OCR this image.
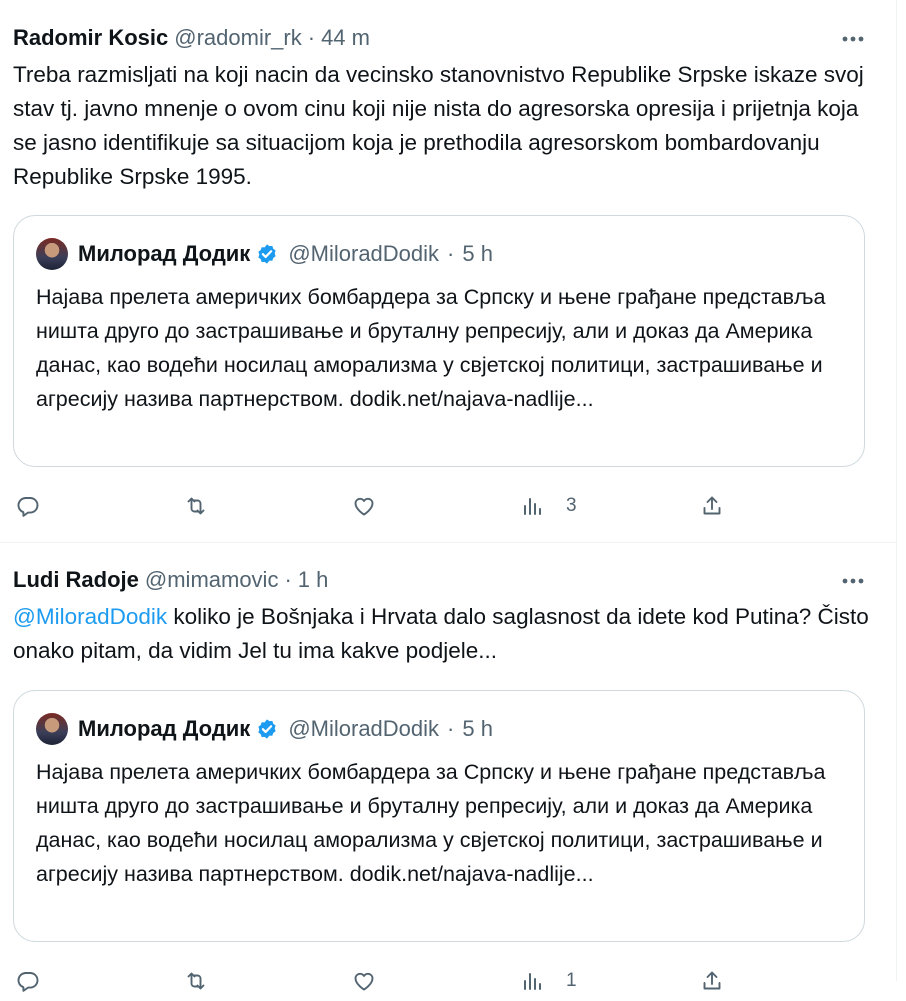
Radomir Kosic @radomir_rk · 44 m
Treba razmisljati na koji nacin da vecinsko stanovnistvo Republike Srpske iskaze svoj stav tj. javno mnenje o ovom cinu koji nije nista do agresorska opresija i prijetnja koja se jasno identifikuje sa situacijom koja je prethodila agresorskom bombardovanju Republike Srpske 1995.
Милорад Додик @MiloradDodik · 5 h
Најава прелета америчких бомбардера за Српску и њене грађане представља ништа друго до застрашивање и бруталну репресију, али и доказ да Америка данас, као водећи носилац аморализма у свјетској политици, застрашивање и агресију назива партнерством. dodik.net/najava-nadlije...
3
Ludi Radoje @mimamovic · 1 h
@MiloradDodik koliko je Bošnjaka i Hrvata dalo saglasnost da idete kod Putina? Čisto onako pitam, da vidim Jel tu ima kakve podjele...
Милорад Додик @MiloradDodik · 5 h
Најава прелета америчких бомбардера за Српску и њене грађане представља ништа друго до застрашивање и бруталну репресију, али и доказ да Америка данас, као водећи носилац аморализма у свјетској политици, застрашивање и агресију назива партнерством. dodik.net/najava-nadlije...
1
